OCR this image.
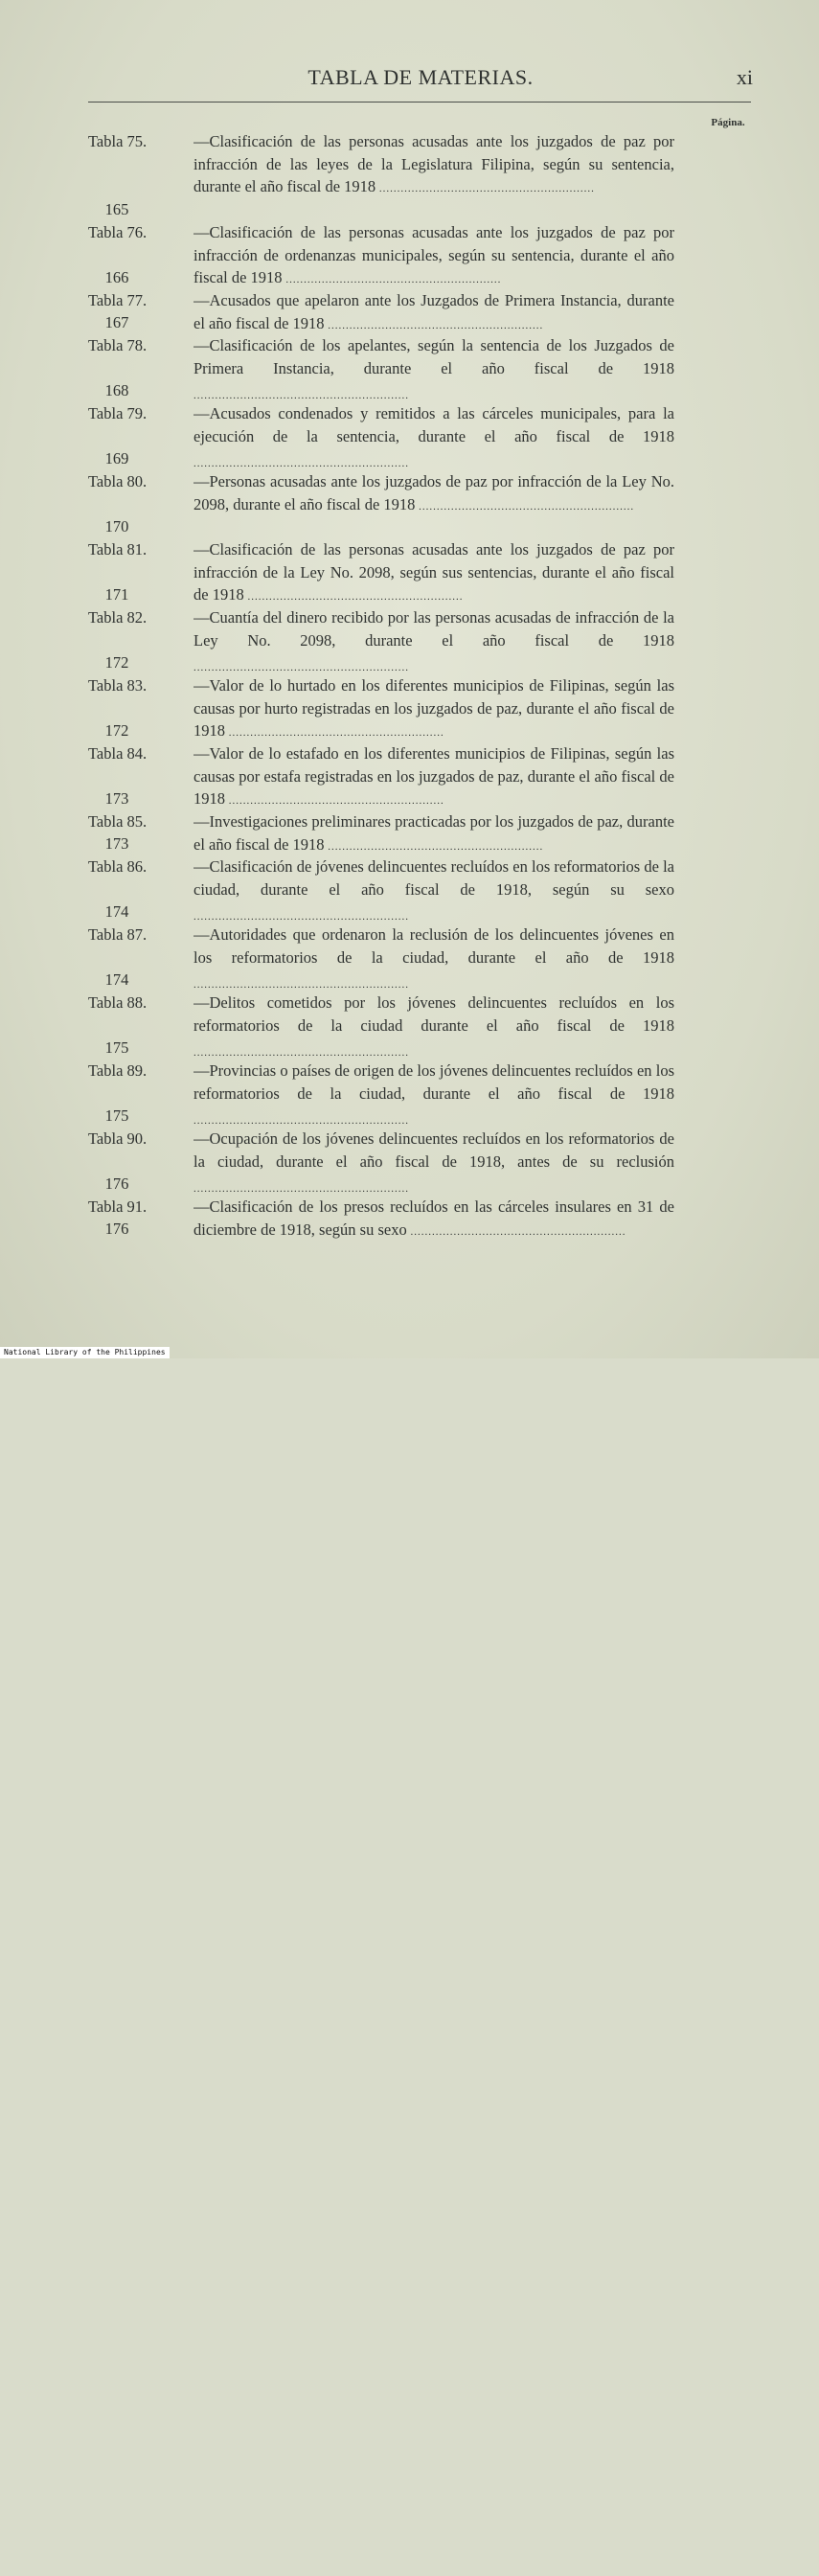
TABLA DE MATERIAS.	xi
Página.
Tabla 75.	—Clasificación de las personas acusadas ante los juzgados de paz por infracción de las leyes de la Legislatura Filipina, según su sentencia, durante el año fiscal de 1918 ............................................................
165
Tabla 76.	—Clasificación de las personas acusadas ante los juzgados de paz por infracción de ordenanzas municipales, según su sentencia, durante el año fiscal de 1918 ............................................................
166
Tabla 77.	—Acusados que apelaron ante los Juzgados de Primera Instancia, durante el año fiscal de 1918 ............................................................
167
Tabla 78.	—Clasificación de los apelantes, según la sentencia de los Juzgados de Primera Instancia, durante el año fiscal de 1918 ............................................................
168
Tabla 79.	—Acusados condenados y remitidos a las cárceles municipales, para la ejecución de la sentencia, durante el año fiscal de 1918 ............................................................
169
Tabla 80.	—Personas acusadas ante los juzgados de paz por infracción de la Ley No. 2098, durante el año fiscal de 1918 ............................................................
170
Tabla 81.	—Clasificación de las personas acusadas ante los juzgados de paz por infracción de la Ley No. 2098, según sus sentencias, durante el año fiscal de 1918 ............................................................
171
Tabla 82.	—Cuantía del dinero recibido por las personas acusadas de infracción de la Ley No. 2098, durante el año fiscal de 1918 ............................................................
172
Tabla 83.	—Valor de lo hurtado en los diferentes municipios de Filipinas, según las causas por hurto registradas en los juzgados de paz, durante el año fiscal de 1918 ............................................................
172
Tabla 84.	—Valor de lo estafado en los diferentes municipios de Filipinas, según las causas por estafa registradas en los juzgados de paz, durante el año fiscal de 1918 ............................................................
173
Tabla 85.	—Investigaciones preliminares practicadas por los juzgados de paz, durante el año fiscal de 1918 ............................................................
173
Tabla 86.	—Clasificación de jóvenes delincuentes recluídos en los reformatorios de la ciudad, durante el año fiscal de 1918, según su sexo ............................................................
174
Tabla 87.	—Autoridades que ordenaron la reclusión de los delincuentes jóvenes en los reformatorios de la ciudad, durante el año de 1918 ............................................................
174
Tabla 88.	—Delitos cometidos por los jóvenes delincuentes recluídos en los reformatorios de la ciudad durante el año fiscal de 1918 ............................................................
175
Tabla 89.	—Provincias o países de origen de los jóvenes delincuentes recluídos en los reformatorios de la ciudad, durante el año fiscal de 1918 ............................................................
175
Tabla 90.	—Ocupación de los jóvenes delincuentes recluídos en los reformatorios de la ciudad, durante el año fiscal de 1918, antes de su reclusión ............................................................
176
Tabla 91.	—Clasificación de los presos recluídos en las cárceles insulares en 31 de diciembre de 1918, según su sexo ............................................................
176
National Library of the Philippines
